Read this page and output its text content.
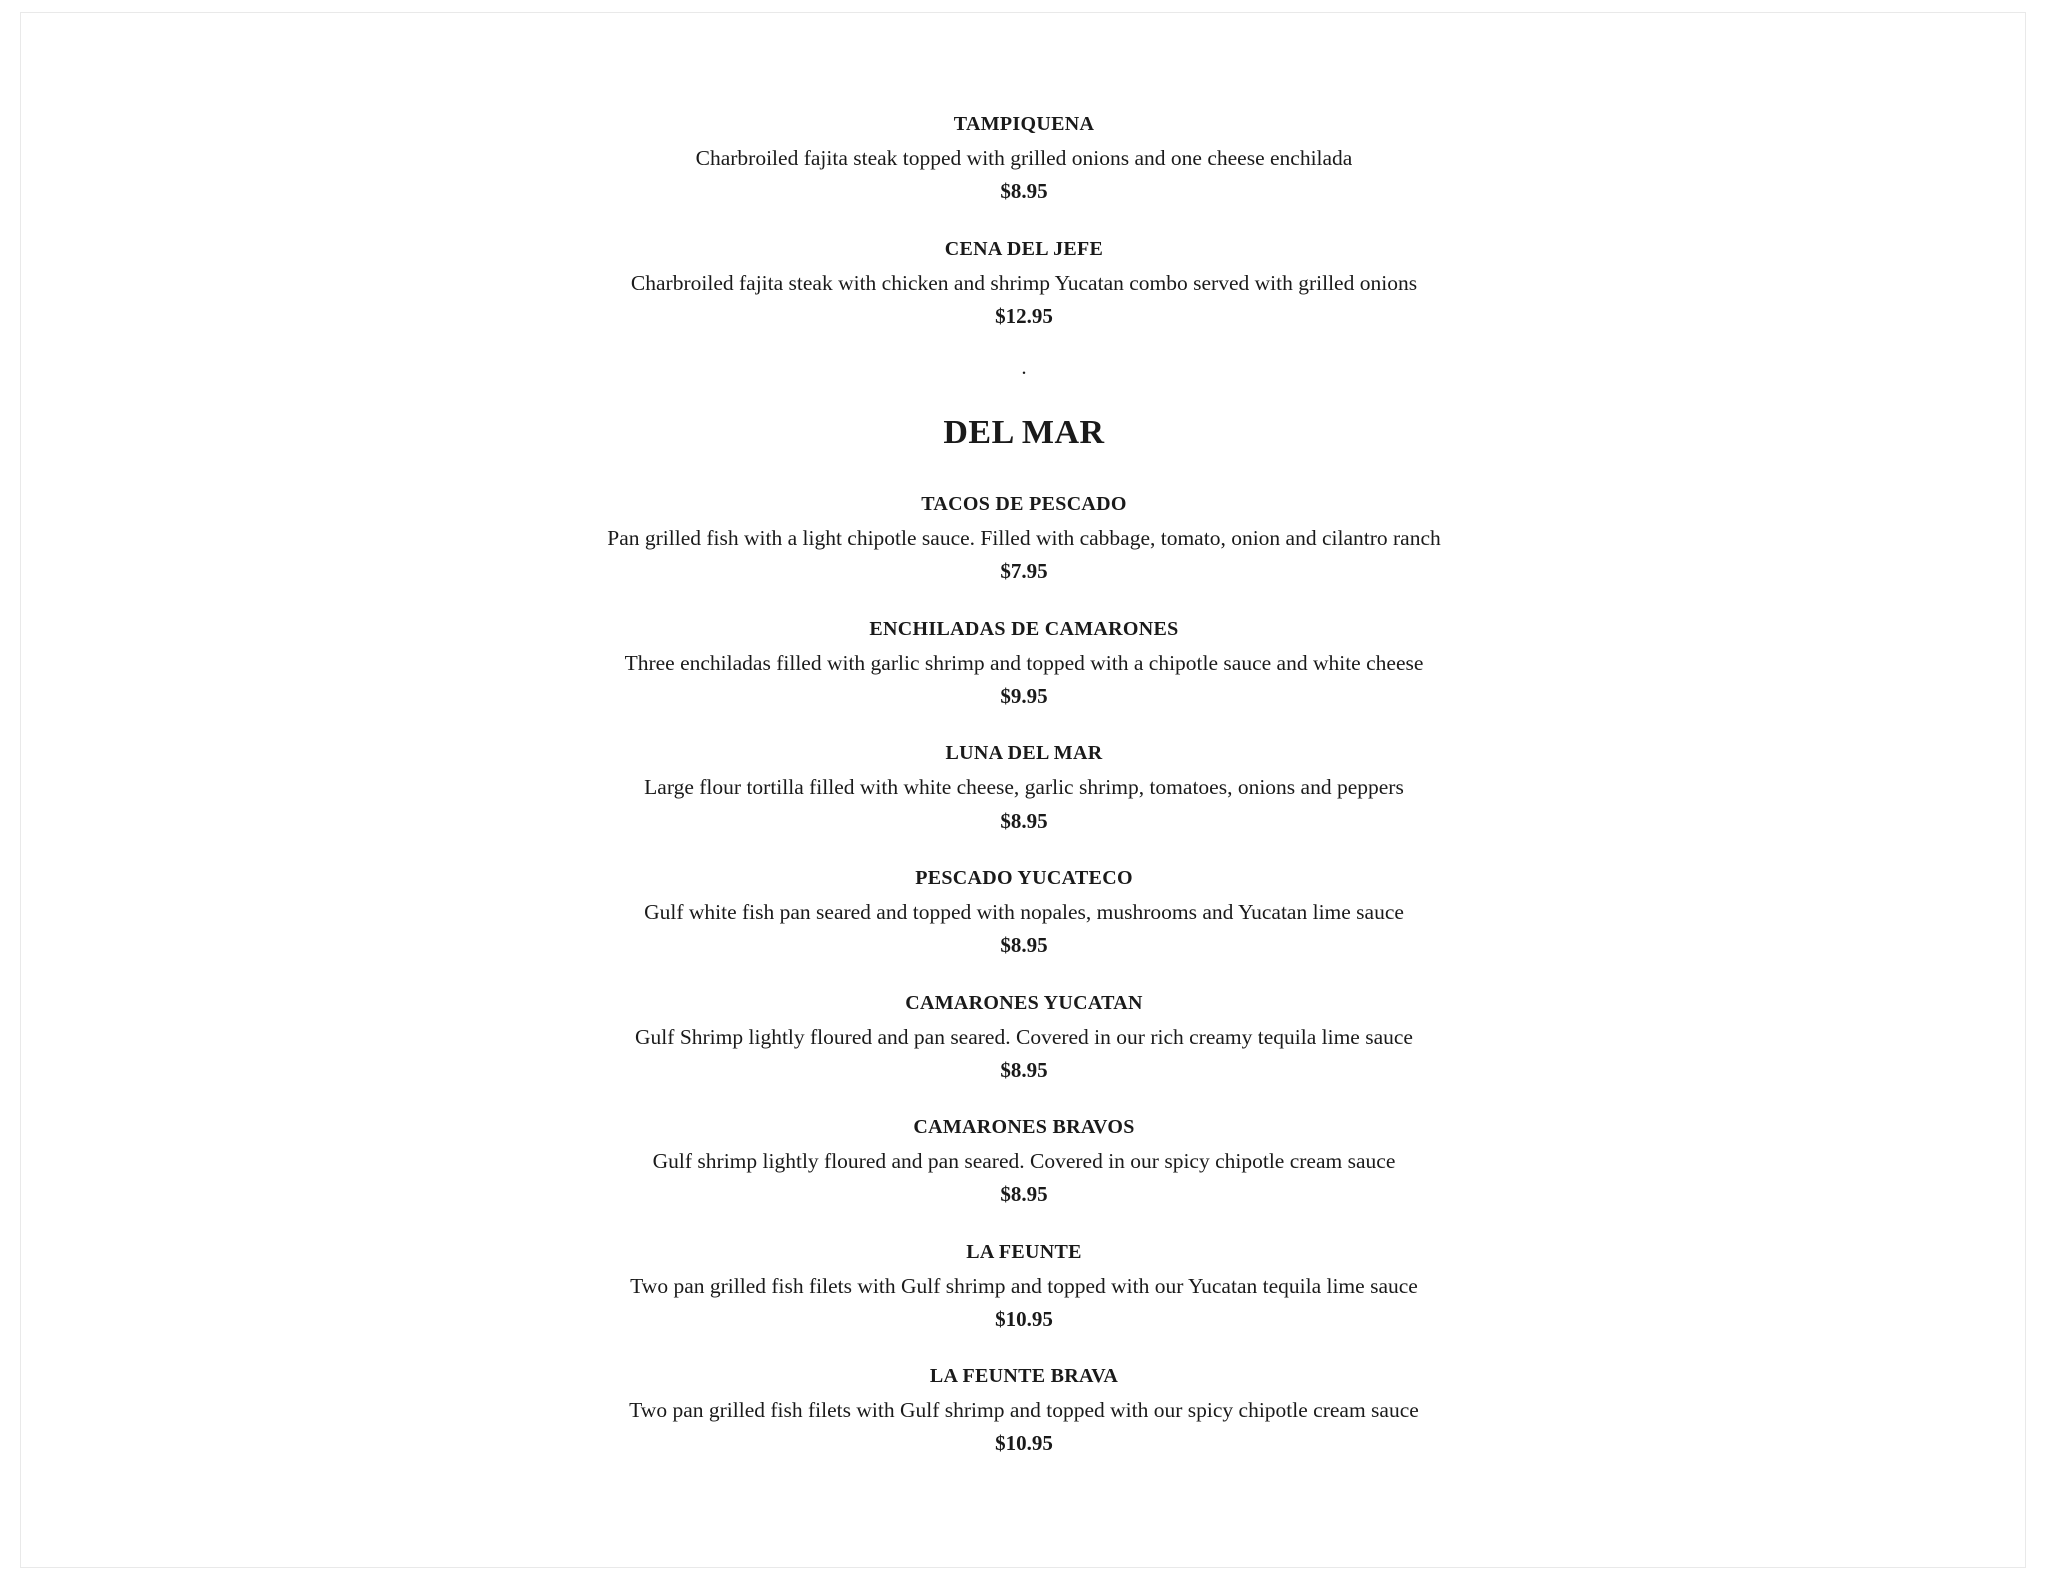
TAMPIQUENA
Charbroiled fajita steak topped with grilled onions and one cheese enchilada
$8.95
CENA DEL JEFE
Charbroiled fajita steak with chicken and shrimp Yucatan combo served with grilled onions
$12.95
.
DEL MAR
TACOS DE PESCADO
Pan grilled fish with a light chipotle sauce. Filled with cabbage, tomato, onion and cilantro ranch
$7.95
ENCHILADAS DE CAMARONES
Three enchiladas filled with garlic shrimp and topped with a chipotle sauce and white cheese
$9.95
LUNA DEL MAR
Large flour tortilla filled with white cheese, garlic shrimp, tomatoes, onions and peppers
$8.95
PESCADO YUCATECO
Gulf white fish pan seared and topped with nopales, mushrooms and Yucatan lime sauce
$8.95
CAMARONES YUCATAN
Gulf Shrimp lightly floured and pan seared. Covered in our rich creamy tequila lime sauce
$8.95
CAMARONES BRAVOS
Gulf shrimp lightly floured and pan seared. Covered in our spicy chipotle cream sauce
$8.95
LA FEUNTE
Two pan grilled fish filets with Gulf shrimp and topped with our Yucatan tequila lime sauce
$10.95
LA FEUNTE BRAVA
Two pan grilled fish filets with Gulf shrimp and topped with our spicy chipotle cream sauce
$10.95
